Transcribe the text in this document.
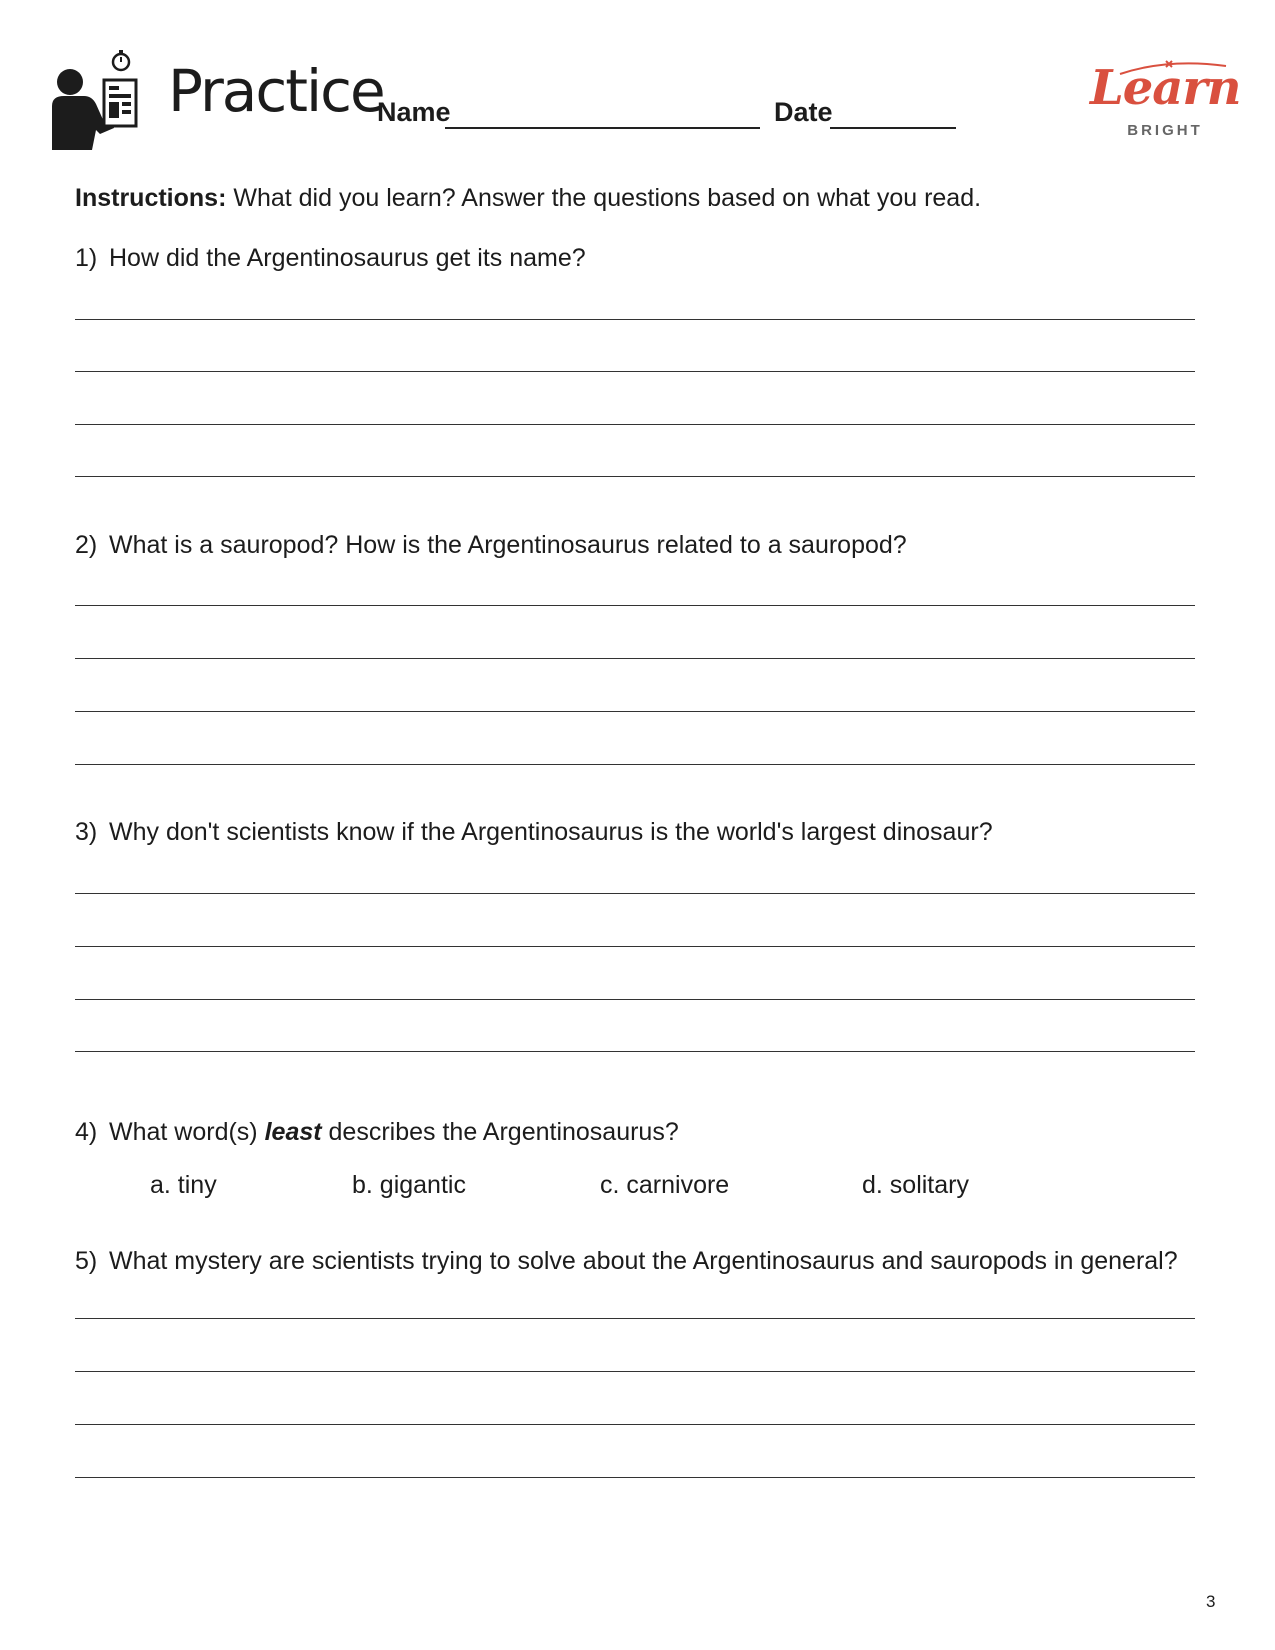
Practice
Name	Date	Learn
BRIGHT
Instructions: What did you learn? Answer the questions based on what you read.
1) How did the Argentinosaurus get its name?
2) What is a sauropod? How is the Argentinosaurus related to a sauropod?
3) Why don't scientists know if the Argentinosaurus is the world's largest dinosaur?
4) What word(s) least describes the Argentinosaurus?
a. tiny	b. gigantic	c. carnivore	d. solitary
5) What mystery are scientists trying to solve about the Argentinosaurus and sauropods in general?
3
